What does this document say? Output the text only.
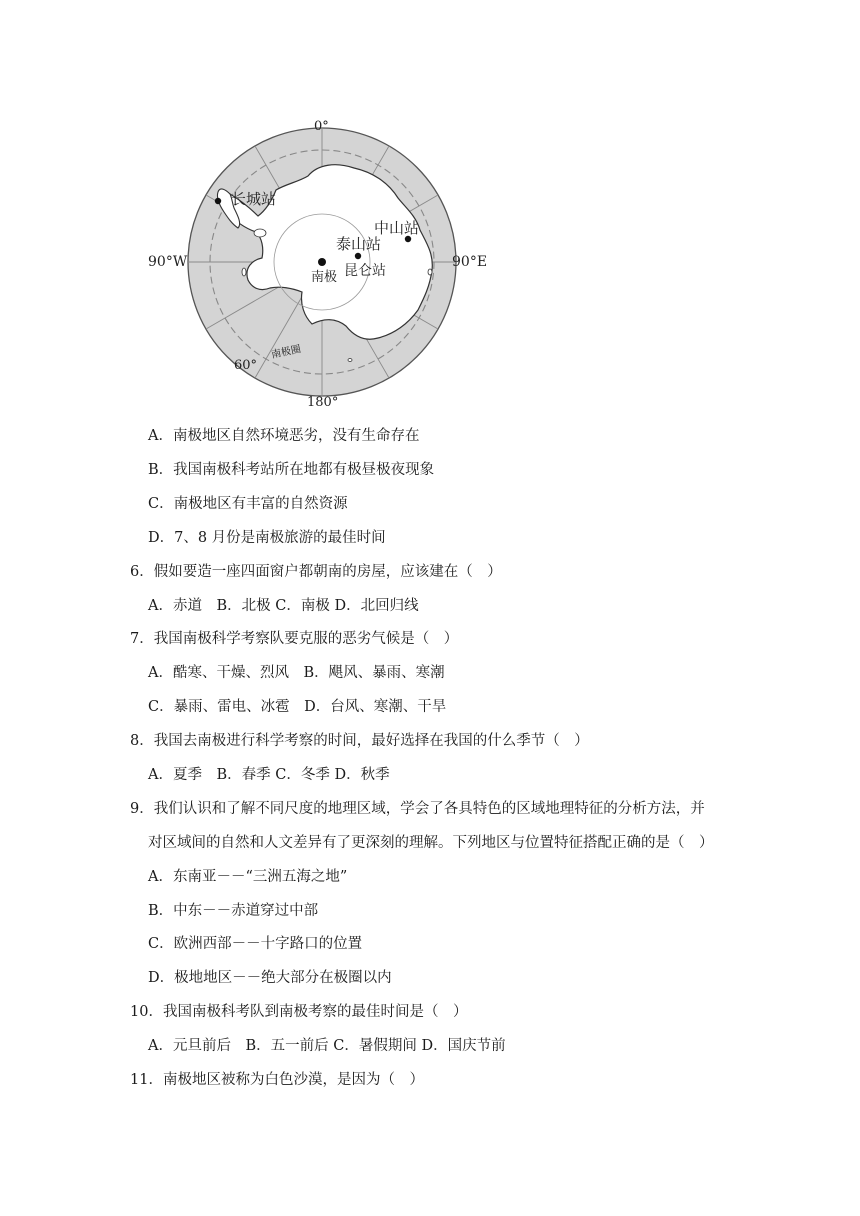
0°
180°
90°W	90°E
60°
长城站
中山站
泰山站
昆仑站
南极
南极圈
A．南极地区自然环境恶劣，没有生命存在
B．我国南极科考站所在地都有极昼极夜现象
C．南极地区有丰富的自然资源
D．7、8 月份是南极旅游的最佳时间
6．假如要造一座四面窗户都朝南的房屋，应该建在（　）
A．赤道　B．北极 C．南极 D．北回归线
7．我国南极科学考察队要克服的恶劣气候是（　）
A．酷寒、干燥、烈风　B．飓风、暴雨、寒潮
C．暴雨、雷电、冰雹　D．台风、寒潮、干旱
8．我国去南极进行科学考察的时间，最好选择在我国的什么季节（　）
A．夏季　B．春季 C．冬季 D．秋季
9．我们认识和了解不同尺度的地理区域，学会了各具特色的区域地理特征的分析方法，并
对区域间的自然和人文差异有了更深刻的理解。下列地区与位置特征搭配正确的是（　）
A．东南亚－－“三洲五海之地”
B．中东－－赤道穿过中部
C．欧洲西部－－十字路口的位置
D．极地地区－－绝大部分在极圈以内
10．我国南极科考队到南极考察的最佳时间是（　）
A．元旦前后　B．五一前后 C．暑假期间 D．国庆节前
11．南极地区被称为白色沙漠，是因为（　）
